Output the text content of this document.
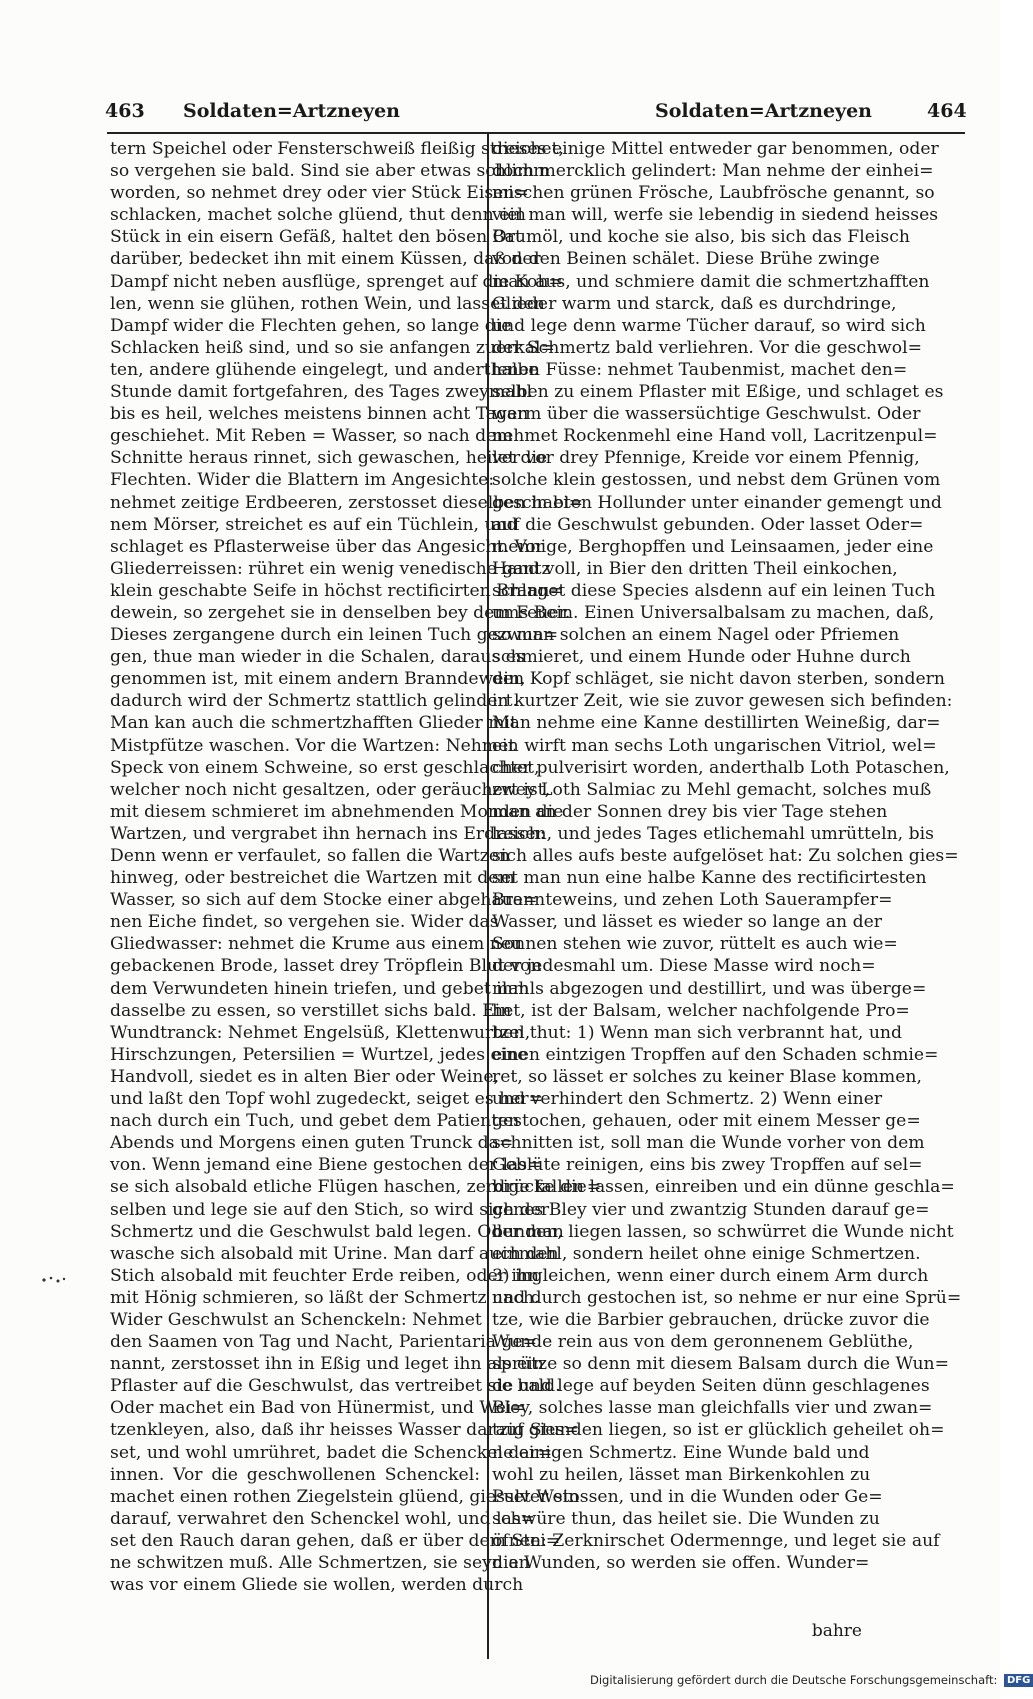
463 Soldaten=Artzneyen	Soldaten=Artzneyen	464

tern Speichel oder Fensterschweiß fleißig streichet,

so vergehen sie bald. Sind sie aber etwas schlimm

worden, so nehmet drey oder vier Stück Eisen=

schlacken, machet solche glüend, thut denn ein

Stück in ein eisern Gefäß, haltet den bösen Ort

darüber, bedecket ihn mit einem Küssen, daß der

Dampf nicht neben ausflüge, sprenget auf die Koh=

len, wenn sie glühen, rothen Wein, und lasset den

Dampf wider die Flechten gehen, so lange die

Schlacken heiß sind, und so sie anfangen zuerkal=

ten, andere glühende eingelegt, und anderthalbe

Stunde damit fortgefahren, des Tages zweymahl

bis es heil, welches meistens binnen acht Tagen

geschiehet. Mit Reben = Wasser, so nach dem

Schnitte heraus rinnet, sich gewaschen, heilet die

Flechten. Wider die Blattern im Angesichte:

nehmet zeitige Erdbeeren, zerstosset dieselben in ei=

nem Mörser, streichet es auf ein Tüchlein, und

schlaget es Pflasterweise über das Angesicht. Vor

Gliederreissen: rühret ein wenig venedische gantz

klein geschabte Seife in höchst rectificirten Brann=

dewein, so zergehet sie in denselben bey dem Feuer.

Dieses zergangene durch ein leinen Tuch gezwun=

gen, thue man wieder in die Schalen, daraus es

genommen ist, mit einem andern Branndewein,

dadurch wird der Schmertz stattlich gelindert.

Man kan auch die schmertzhafften Glieder mit

Mistpfütze waschen. Vor die Wartzen: Nehmet

Speck von einem Schweine, so erst geschlachtet,

welcher noch nicht gesaltzen, oder geräuchert ist,

mit diesem schmieret im abnehmenden Monden die

Wartzen, und vergrabet ihn hernach ins Erdreich:

Denn wenn er verfaulet, so fallen die Wartzen

hinweg, oder bestreichet die Wartzen mit dem

Wasser, so sich auf dem Stocke einer abgehaue=

nen Eiche findet, so vergehen sie. Wider das

Gliedwasser: nehmet die Krume aus einem neu

gebackenen Brode, lasset drey Tröpflein Blut von

dem Verwundeten hinein triefen, und gebet ihm

dasselbe zu essen, so verstillet sichs bald. Ein

Wundtranck: Nehmet Engelsüß, Klettenwurtzel,

Hirschzungen, Petersilien = Wurtzel, jedes eine

Handvoll, siedet es in alten Bier oder Weine,

und laßt den Topf wohl zugedeckt, seiget es her=

nach durch ein Tuch, und gebet dem Patienten

Abends und Morgens einen guten Trunck da=

von. Wenn jemand eine Biene gestochen der las=

se sich alsobald etliche Flügen haschen, zerdrücke die=

selben und lege sie auf den Stich, so wird sich der

Schmertz und die Geschwulst bald legen. Oder man

wasche sich alsobald mit Urine. Man darf auch den

Stich alsobald mit feuchter Erde reiben, oder ihn

mit Hönig schmieren, so läßt der Schmertz nach.

Wider Geschwulst an Schenckeln: Nehmet

den Saamen von Tag und Nacht, Parientaria ge=

nannt, zerstosset ihn in Eßig und leget ihn als ein

Pflaster auf die Geschwulst, das vertreibet sie bald.

Oder machet ein Bad von Hünermist, und Wei=

tzenkleyen, also, daß ihr heisses Wasser darauf gies=

set, und wohl umrühret, badet die Schenckel dar=

innen. Vor die geschwollenen Schenckel:

machet einen rothen Ziegelstein glüend, giesset Wein

darauf, verwahret den Schenckel wohl, und las=

set den Rauch daran gehen, daß er über dem Stei=

ne schwitzen muß. Alle Schmertzen, sie seyn an

was vor einem Gliede sie wollen, werden durch

dieses einige Mittel entweder gar benommen, oder

doch mercklich gelindert: Man nehme der einhei=

mischen grünen Frösche, Laubfrösche genannt, so

viel man will, werfe sie lebendig in siedend heisses

Baumöl, und koche sie also, bis sich das Fleisch

von den Beinen schälet. Diese Brühe zwinge

man aus, und schmiere damit die schmertzhafften

Glieder warm und starck, daß es durchdringe,

und lege denn warme Tücher darauf, so wird sich

der Schmertz bald verliehren. Vor die geschwol=

lenen Füsse: nehmet Taubenmist, machet den=

selben zu einem Pflaster mit Eßige, und schlaget es

warm über die wassersüchtige Geschwulst. Oder

nehmet Rockenmehl eine Hand voll, Lacritzenpul=

ver vor drey Pfennige, Kreide vor einem Pfennig,

solche klein gestossen, und nebst dem Grünen vom

geschabten Hollunder unter einander gemengt und

auf die Geschwulst gebunden. Oder lasset Oder=

mennige, Berghopffen und Leinsaamen, jeder eine

Hand voll, in Bier den dritten Theil einkochen,

schlaget diese Species alsdenn auf ein leinen Tuch

ums Bein. Einen Universalbalsam zu machen, daß,

so man solchen an einem Nagel oder Pfriemen

schmieret, und einem Hunde oder Huhne durch

den Kopf schläget, sie nicht davon sterben, sondern

in kurtzer Zeit, wie sie zuvor gewesen sich befinden:

Man nehme eine Kanne destillirten Weineßig, dar=

ein wirft man sechs Loth ungarischen Vitriol, wel=

cher pulverisirt worden, anderthalb Loth Potaschen,

zwey Loth Salmiac zu Mehl gemacht, solches muß

man an der Sonnen drey bis vier Tage stehen

lassen, und jedes Tages etlichemahl umrütteln, bis

sich alles aufs beste aufgelöset hat: Zu solchen gies=

set man nun eine halbe Kanne des rectificirtesten

Brannteweins, und zehen Loth Sauerampfer=

Wasser, und lässet es wieder so lange an der

Sonnen stehen wie zuvor, rüttelt es auch wie=

der jedesmahl um. Diese Masse wird noch=

mahls abgezogen und destillirt, und was überge=

het, ist der Balsam, welcher nachfolgende Pro=

ben thut: 1) Wenn man sich verbrannt hat, und

einen eintzigen Tropffen auf den Schaden schmie=

ret, so lässet er solches zu keiner Blase kommen,

und verhindert den Schmertz. 2) Wenn einer

gestochen, gehauen, oder mit einem Messer ge=

schnitten ist, soll man die Wunde vorher von dem

Geblüte reinigen, eins bis zwey Tropffen auf sel=

bige fallen lassen, einreiben und ein dünne geschla=

genes Bley vier und zwantzig Stunden darauf ge=

bunden, liegen lassen, so schwürret die Wunde nicht

einmahl, sondern heilet ohne einige Schmertzen.

3) ingleichen, wenn einer durch einem Arm durch

und durch gestochen ist, so nehme er nur eine Sprü=

tze, wie die Barbier gebrauchen, drücke zuvor die

Wunde rein aus von dem geronnenem Geblüthe,

sprütze so denn mit diesem Balsam durch die Wun=

de und lege auf beyden Seiten dünn geschlagenes

Bley, solches lasse man gleichfalls vier und zwan=

tzig Stunden liegen, so ist er glücklich geheilet oh=

ne einigen Schmertz. Eine Wunde bald und

wohl zu heilen, lässet man Birkenkohlen zu

Pulver stossen, und in die Wunden oder Ge=

schwüre thun, das heilet sie. Die Wunden zu

öfnen: Zerknirschet Odermennge, und leget sie auf

die Wunden, so werden sie offen. Wunder=

bahre
Digitalisierung gefördert durch die Deutsche Forschungsgemeinschaft: DFG
